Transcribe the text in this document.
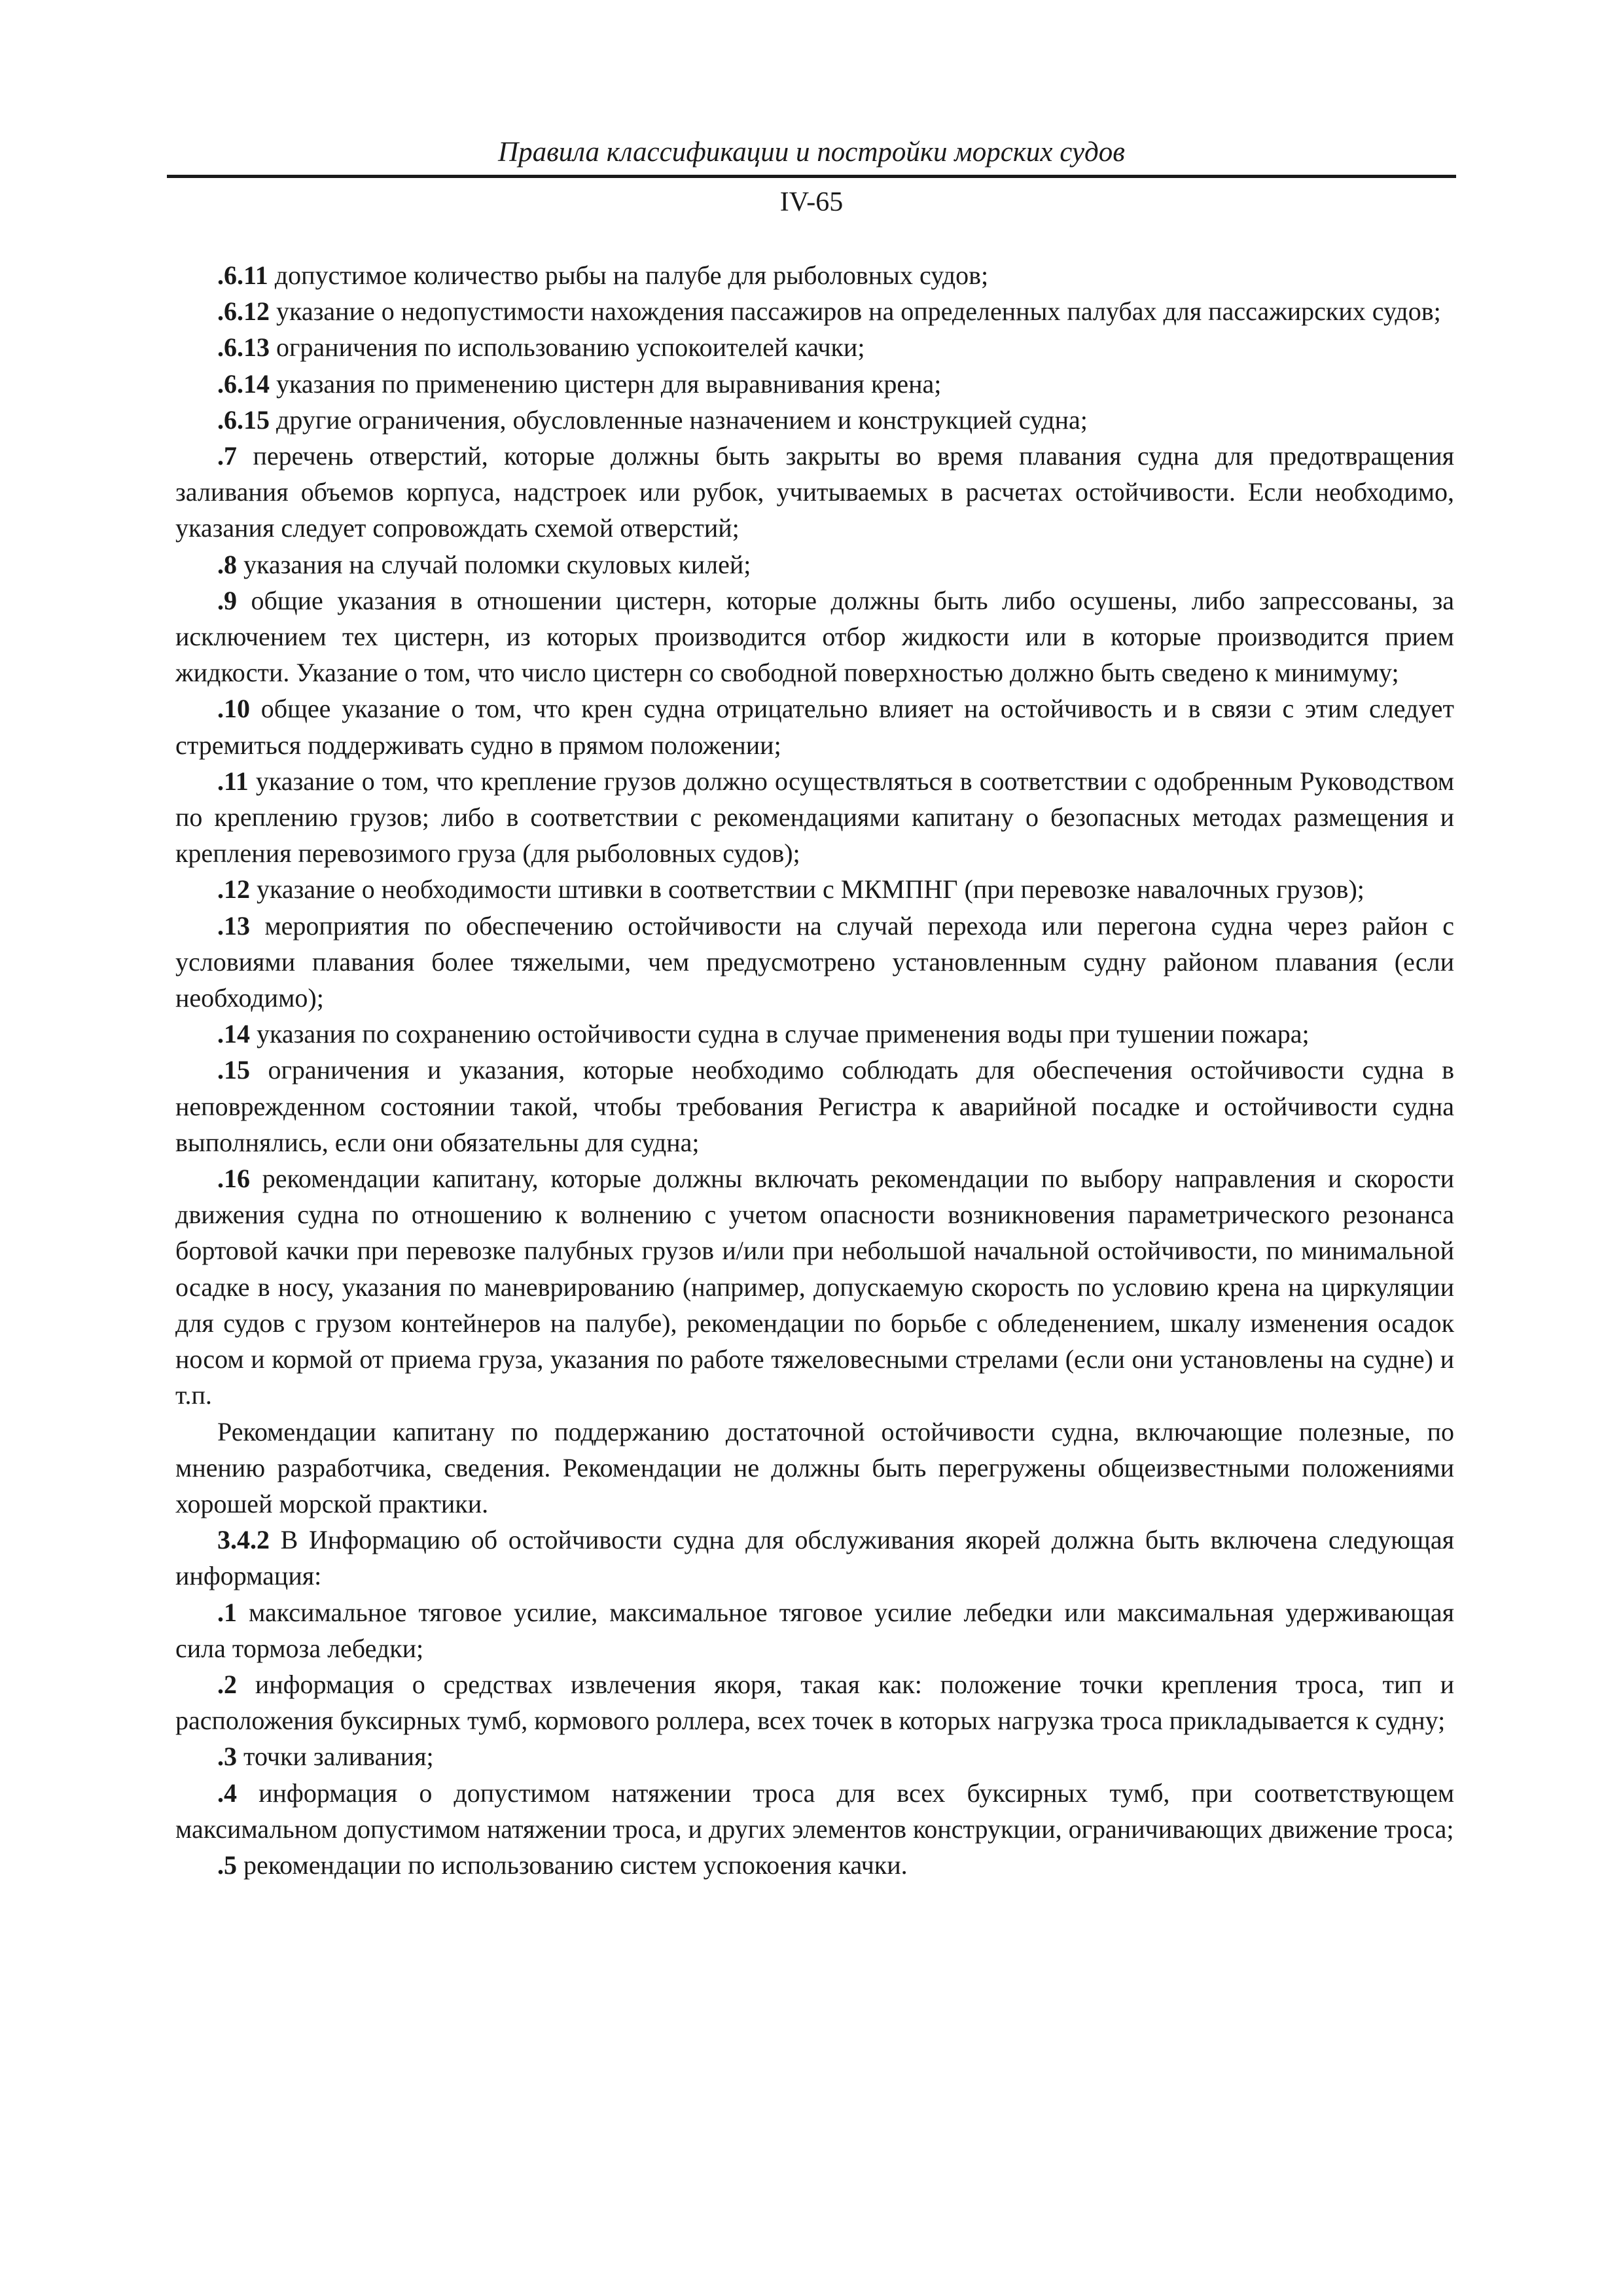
Правила классификации и постройки морских судов
IV-65

.6.11 допустимое количество рыбы на палубе для рыболовных судов;

.6.12 указание о недопустимости нахождения пассажиров на определенных палубах для пассажирских судов;

.6.13 ограничения по использованию успокоителей качки;

.6.14 указания по применению цистерн для выравнивания крена;

.6.15 другие ограничения, обусловленные назначением и конструкцией судна;

.7 перечень отверстий, которые должны быть закрыты во время плавания судна для предотвращения заливания объемов корпуса, надстроек или рубок, учитываемых в расчетах остойчивости. Если необходимо, указания следует сопровождать схемой отверстий;

.8 указания на случай поломки скуловых килей;

.9 общие указания в отношении цистерн, которые должны быть либо осушены, либо запрессованы, за исключением тех цистерн, из которых производится отбор жидкости или в которые производится прием жидкости. Указание о том, что число цистерн со свободной поверхностью должно быть сведено к минимуму;

.10 общее указание о том, что крен судна отрицательно влияет на остойчивость и в связи с этим следует стремиться поддерживать судно в прямом положении;

.11 указание о том, что крепление грузов должно осуществляться в соответствии с одобренным Руководством по креплению грузов; либо в соответствии с рекомендациями капитану о безопасных методах размещения и крепления перевозимого груза (для рыболовных судов);

.12 указание о необходимости штивки в соответствии с МКМПНГ (при перевозке навалочных грузов);

.13 мероприятия по обеспечению остойчивости на случай перехода или перегона судна через район с условиями плавания более тяжелыми, чем предусмотрено установленным судну районом плавания (если необходимо);

.14 указания по сохранению остойчивости судна в случае применения воды при тушении пожара;

.15 ограничения и указания, которые необходимо соблюдать для обеспечения остойчивости судна в неповрежденном состоянии такой, чтобы требования Регистра к аварийной посадке и остойчивости судна выполнялись, если они обязательны для судна;

.16 рекомендации капитану, которые должны включать рекомендации по выбору направления и скорости движения судна по отношению к волнению с учетом опасности возникновения параметрического резонанса бортовой качки при перевозке палубных грузов и/или при небольшой начальной остойчивости, по минимальной осадке в носу, указания по маневрированию (например, допускаемую скорость по условию крена на циркуляции для судов с грузом контейнеров на палубе), рекомендации по борьбе с обледенением, шкалу изменения осадок носом и кормой от приема груза, указания по работе тяжеловесными стрелами (если они установлены на судне) и т.п.

Рекомендации капитану по поддержанию достаточной остойчивости судна, включающие полезные, по мнению разработчика, сведения. Рекомендации не должны быть перегружены общеизвестными положениями хорошей морской практики.

3.4.2 В Информацию об остойчивости судна для обслуживания якорей должна быть включена следующая информация:

.1 максимальное тяговое усилие, максимальное тяговое усилие лебедки или максимальная удерживающая сила тормоза лебедки;

.2 информация о средствах извлечения якоря, такая как: положение точки крепления троса, тип и расположения буксирных тумб, кормового роллера, всех точек в которых нагрузка троса прикладывается к судну;

.3 точки заливания;

.4 информация о допустимом натяжении троса для всех буксирных тумб, при соответствующем максимальном допустимом натяжении троса, и других элементов конструкции, ограничивающих движение троса;

.5 рекомендации по использованию систем успокоения качки.
